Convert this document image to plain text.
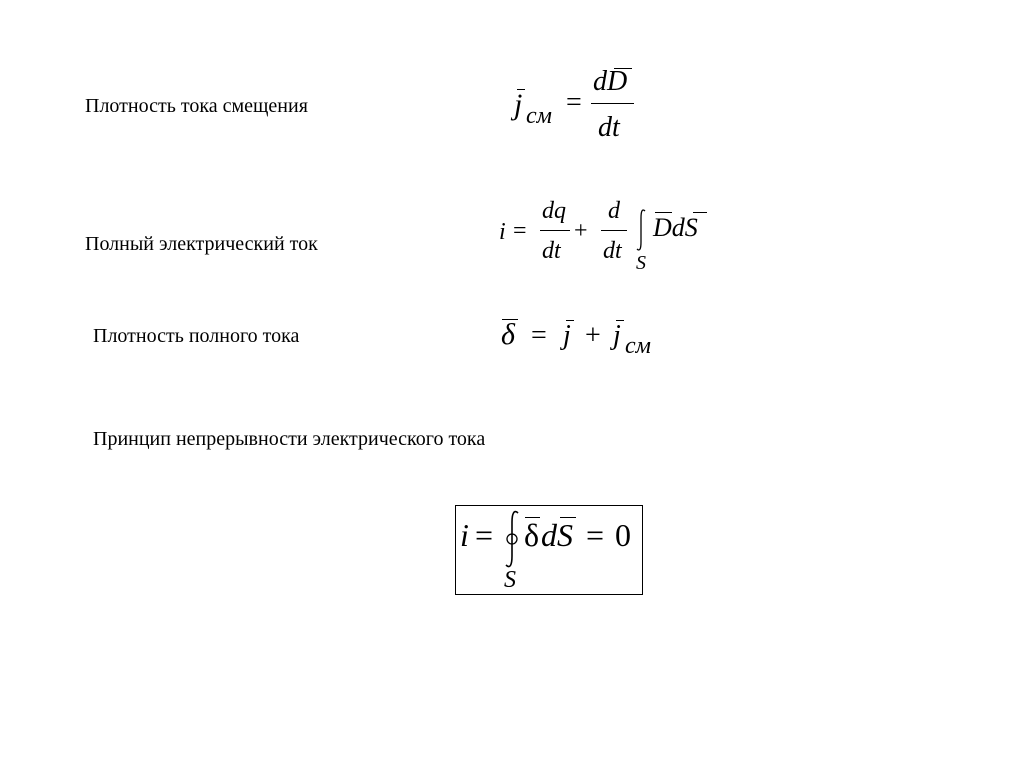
Плотность тока смещения	j см =
dD
dt
Полный электрический ток	i =
dq
dt
+
d
dt S
DdS
Плотность полного тока	δ = j + j см
Принцип непрерывности электрического тока
i =
S
δ dS = 0
